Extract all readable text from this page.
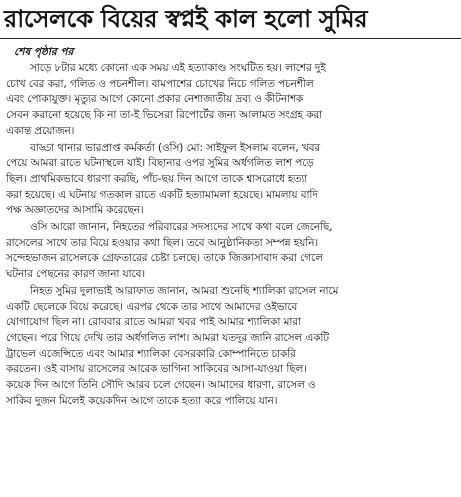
রাসেলকে বিয়ের স্বপ্নই কাল হলো সুমির
শেষ পৃষ্ঠার পর
সাড়ে ৮টার মধ্যে কোনো এক সময় এই হত্যাকাণ্ড সংঘটিত হয়। লাশের দুই
চোখ বের করা, গলিত ও পচনশীল। বামপাশের চোখের নিচে গলিত পচনশীল
এবং পোকাযুক্ত। মৃত্যুর আগে কোনো প্রকার নেশাজাতীয় দ্রব্য ও কীটনাশক
সেবন করানো হয়েছে কি না তা-ই ভিসেরা রিপোর্টের জন্য আলামত সংগ্রহ করা
একান্ত প্রয়োজন।
বাড্ডা থানার ভারপ্রাপ্ত কর্মকর্তা (ওসি) মো: সাইফুল ইসলাম বলেন, খবর
পেয়ে আমরা রাতে ঘটনাস্থলে যাই। বিছানার ওপর সুমির অর্ধগলিত লাশ পড়ে
ছিল। প্রাথমিকভাবে ধারণা করছি, পাঁচ-ছয় দিন আগে তাকে শ্বাসরোধে হত্যা
করা হয়েছে। এ ঘটনায় গতকাল রাতে একটি হত্যামামলা হয়েছে। মামলায় বাদি
পক্ষ অজ্ঞাতদের আসামি করেছেন।
ওসি আরো জানান, নিহতের পরিবারের সদস্যদের সাথে কথা বলে জেনেছি,
রাসেলের সাথে তার বিয়ে হওয়ার কথা ছিল। তবে আনুষ্ঠানিকতা সম্পন্ন হয়নি।
সন্দেহভাজন রাসেলকে গ্রেফতারের চেষ্টা চলছে। তাকে জিজ্ঞাসাবাদ করা গেলে
ঘটনার পেছনের কারণ জানা যাবে।
নিহত সুমির দুলাভাই আরাফাত জানান, আমরা শুনেছি শ্যালিকা রাসেল নামে
একটি ছেলেকে বিয়ে করেছে। এরপর থেকে তার সাথে আমাদের ওইভাবে
যোগাযোগ ছিল না। রোববার রাতে আমরা খবর পাই আমার শ্যালিকা মারা
গেছেন। পরে গিয়ে দেখি তার অর্ধগলিত লাশ। আমরা যতদূর জানি রাসেল একটি
ট্রাভেল এজেন্সিতে এবং আমার শ্যালিকা বেসরকারি কোম্পানিতে চাকরি
করতেন। ওই বাসায় রাসেলের আরেক ভাগিনা সাকিবের আসা-যাওয়া ছিল।
কয়েক দিন আগে তিনি সৌদি আরব চলে গেছেন। আমাদের ধারণা, রাসেল ও
সাকিব দুজন মিলেই কয়েকদিন আগে তাকে হত্যা করে পালিয়ে যান।
